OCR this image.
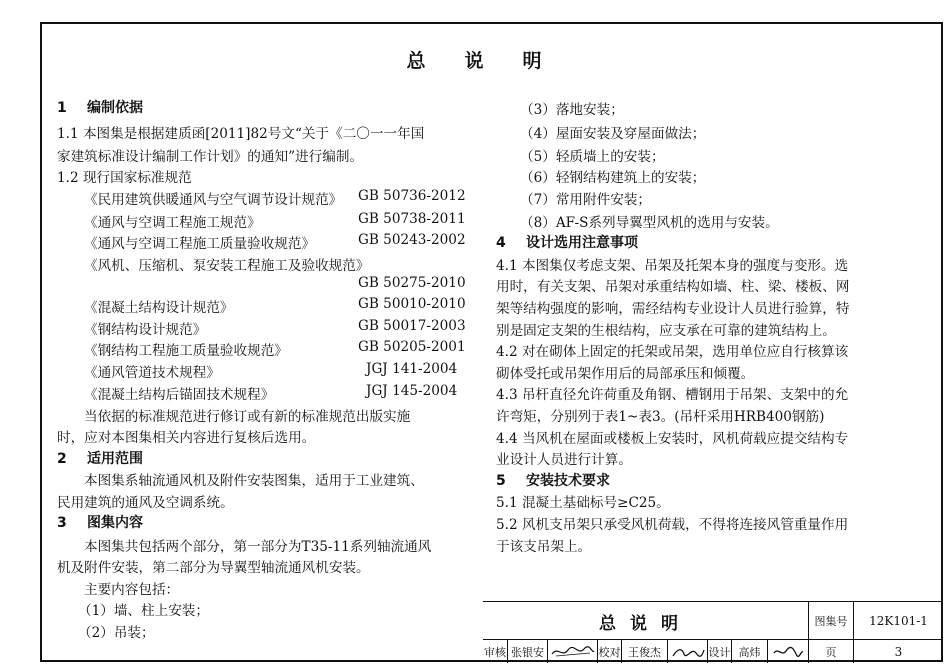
总 说 明
1 编制依据
1.1 本图集是根据建质函[2011]82号文“关于《二〇一一年国
家建筑标准设计编制工作计划》的通知”进行编制。
1.2 现行国家标准规范
《民用建筑供暖通风与空气调节设计规范》 GB 50736-2012
《通风与空调工程施工规范》	GB 50738-2011
《通风与空调工程施工质量验收规范》	GB 50243-2002
《风机、压缩机、泵安装工程施工及验收规范》
GB 50275-2010
《混凝土结构设计规范》	GB 50010-2010
《钢结构设计规范》	GB 50017-2003
《钢结构工程施工质量验收规范》	GB 50205-2001
《通风管道技术规程》	JGJ 141-2004
《混凝土结构后锚固技术规程》	JGJ 145-2004
当依据的标准规范进行修订或有新的标准规范出版实施
时，应对本图集相关内容进行复核后选用。
2 适用范围
本图集系轴流通风机及附件安装图集，适用于工业建筑、
民用建筑的通风及空调系统。
3 图集内容
本图集共包括两个部分，第一部分为T35-11系列轴流通风
机及附件安装，第二部分为导翼型轴流通风机安装。
主要内容包括：
（1）墙、柱上安装；
（2）吊装；
（3）落地安装；
（4）屋面安装及穿屋面做法；
（5）轻质墙上的安装；
（6）轻钢结构建筑上的安装；
（7）常用附件安装；
（8）AF-S系列导翼型风机的选用与安装。
4 设计选用注意事项
4.1 本图集仅考虑支架、吊架及托架本身的强度与变形。选
用时，有关支架、吊架对承重结构如墙、柱、梁、楼板、网
架等结构强度的影响，需经结构专业设计人员进行验算，特
别是固定支架的生根结构，应支承在可靠的建筑结构上。
4.2 对在砌体上固定的托架或吊架，选用单位应自行核算该
砌体受托或吊架作用后的局部承压和倾覆。
4.3 吊杆直径允许荷重及角钢、槽钢用于吊架、支架中的允
许弯矩，分别列于表1~表3。(吊杆采用HRB400钢筋)
4.4 当风机在屋面或楼板上安装时，风机荷载应提交结构专
业设计人员进行计算。
5 安装技术要求
5.1 混凝土基础标号≥C25。
5.2 风机支吊架只承受风机荷载，不得将连接风管重量作用
于该支吊架上。
总说明	图集号	12K101-1
审核 张银安	校对 王俊杰	设计 高炜	页	3
